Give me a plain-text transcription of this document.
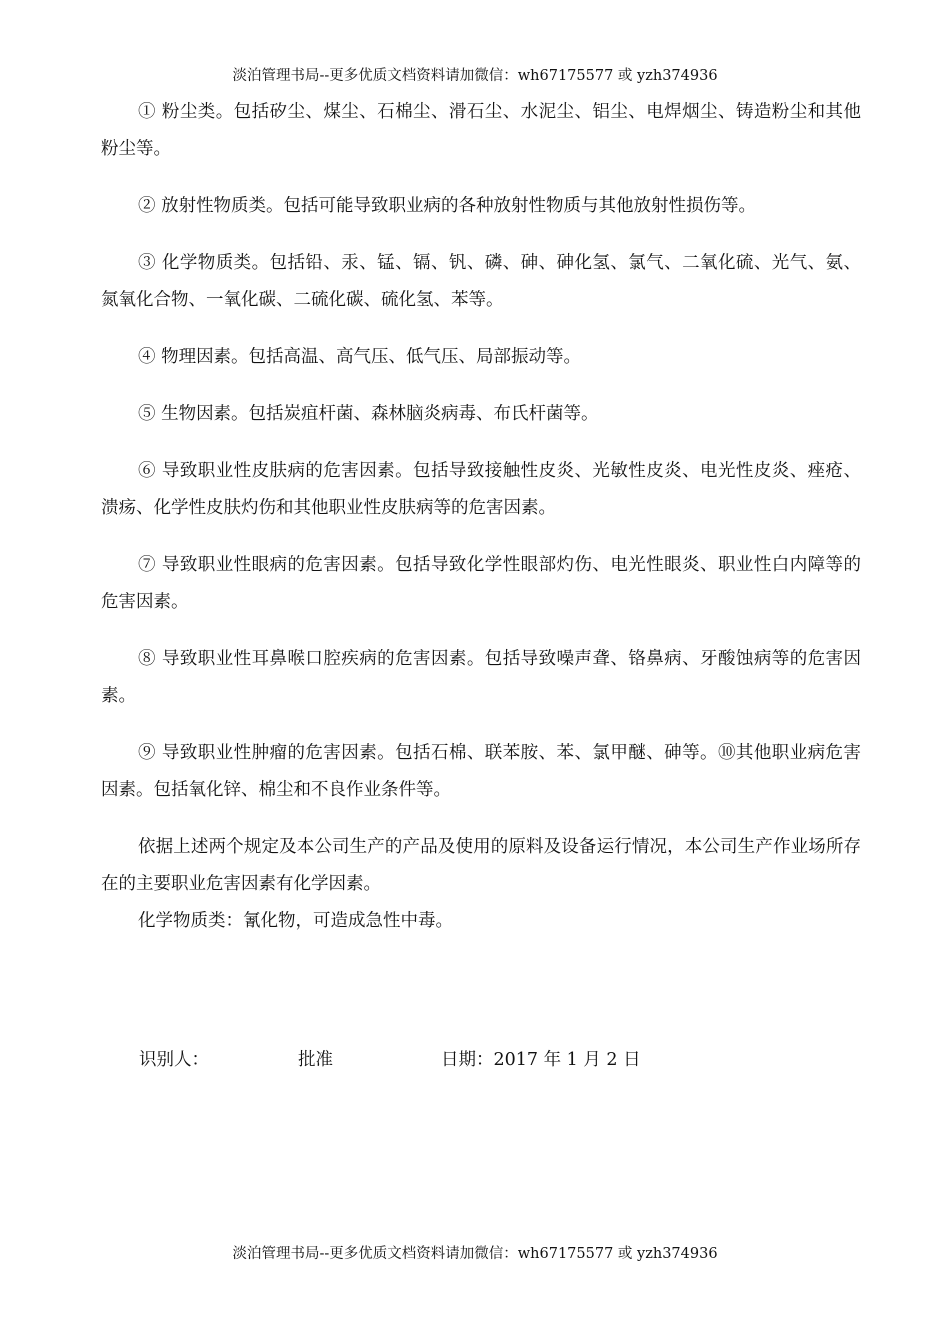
淡泊管理书局--更多优质文档资料请加微信：wh67175577 或 yzh374936

① 粉尘类。包括矽尘、煤尘、石棉尘、滑石尘、水泥尘、铝尘、电焊烟尘、铸造粉尘和其他粉尘等。

② 放射性物质类。包括可能导致职业病的各种放射性物质与其他放射性损伤等。

③ 化学物质类。包括铅、汞、锰、镉、钒、磷、砷、砷化氢、氯气、二氧化硫、光气、氨、氮氧化合物、一氧化碳、二硫化碳、硫化氢、苯等。

④ 物理因素。包括高温、高气压、低气压、局部振动等。

⑤ 生物因素。包括炭疽杆菌、森林脑炎病毒、布氏杆菌等。

⑥ 导致职业性皮肤病的危害因素。包括导致接触性皮炎、光敏性皮炎、电光性皮炎、痤疮、溃疡、化学性皮肤灼伤和其他职业性皮肤病等的危害因素。

⑦ 导致职业性眼病的危害因素。包括导致化学性眼部灼伤、电光性眼炎、职业性白内障等的危害因素。

⑧ 导致职业性耳鼻喉口腔疾病的危害因素。包括导致噪声聋、铬鼻病、牙酸蚀病等的危害因素。

⑨ 导致职业性肿瘤的危害因素。包括石棉、联苯胺、苯、氯甲醚、砷等。⑩其他职业病危害因素。包括氧化锌、棉尘和不良作业条件等。

依据上述两个规定及本公司生产的产品及使用的原料及设备运行情况，本公司生产作业场所存在的主要职业危害因素有化学因素。

化学物质类：氰化物，可造成急性中毒。

识别人：	批准	日期：2017 年 1 月 2 日
淡泊管理书局--更多优质文档资料请加微信：wh67175577 或 yzh374936
